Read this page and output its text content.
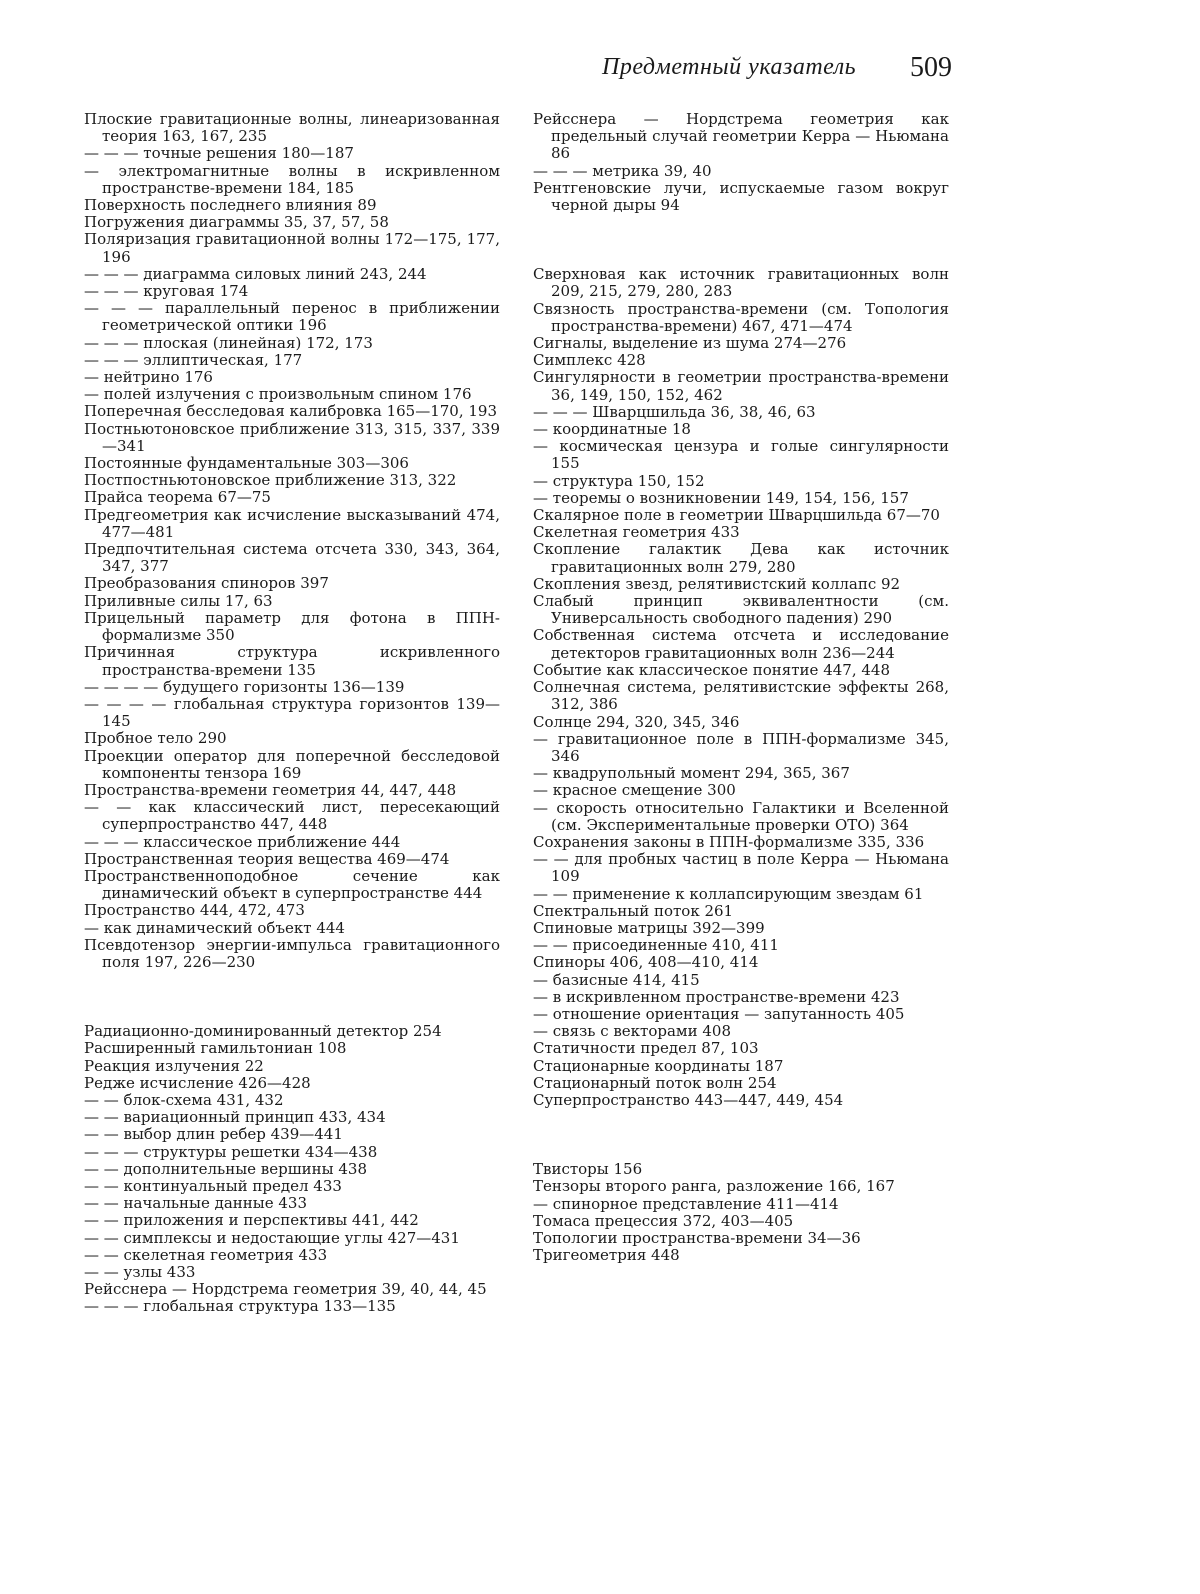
Предметный указатель 509

Плоские гравитационные волны, линеаризованная теория 163, 167, 235

— — — точные решения 180—187

— электромагнитные волны в искривленном пространстве-времени 184, 185

Поверхность последнего влияния 89

Погружения диаграммы 35, 37, 57, 58

Поляризация гравитационной волны 172—175, 177, 196

— — — диаграмма силовых линий 243, 244

— — — круговая 174

— — — параллельный перенос в приближении геометрической оптики 196

— — — плоская (линейная) 172, 173

— — — эллиптическая, 177

— нейтрино 176

— полей излучения с произвольным спином 176

Поперечная бесследовая калибровка 165—170, 193

Постньютоновское приближение 313, 315, 337, 339—341

Постоянные фундаментальные 303—306

Постпостньютоновское приближение 313, 322

Прайса теорема 67—75

Предгеометрия как исчисление высказываний 474, 477—481

Предпочтительная система отсчета 330, 343, 364, 347, 377

Преобразования спиноров 397

Приливные силы 17, 63

Прицельный параметр для фотона в ППН-формализме 350

Причинная структура искривленного пространства-времени 135

— — — — будущего горизонты 136—139

— — — — глобальная структура горизонтов 139—145

Пробное тело 290

Проекции оператор для поперечной бесследовой компоненты тензора 169

Пространства-времени геометрия 44, 447, 448

— — как классический лист, пересекающий суперпространство 447, 448

— — — классическое приближение 444

Пространственная теория вещества 469—474

Пространственноподобное сечение как динамический объект в суперпространстве 444

Пространство 444, 472, 473

— как динамический объект 444

Псевдотензор энергии-импульса гравитационного поля 197, 226—230

Радиационно-доминированный детектор 254

Расширенный гамильтониан 108

Реакция излучения 22

Редже исчисление 426—428

— — блок-схема 431, 432

— — вариационный принцип 433, 434

— — выбор длин ребер 439—441

— — — структуры решетки 434—438

— — дополнительные вершины 438

— — континуальный предел 433

— — начальные данные 433

— — приложения и перспективы 441, 442

— — симплексы и недостающие углы 427—431

— — скелетная геометрия 433

— — узлы 433

Рейсснера — Нордстрема геометрия 39, 40, 44, 45

— — — глобальная структура 133—135

Рейсснера — Нордстрема геометрия как предельный случай геометрии Керра — Ньюмана 86

— — — метрика 39, 40

Рентгеновские лучи, испускаемые газом вокруг черной дыры 94

Сверхновая как источник гравитационных волн 209, 215, 279, 280, 283

Связность пространства-времени (см. Топология пространства-времени) 467, 471—474

Сигналы, выделение из шума 274—276

Симплекс 428

Сингулярности в геометрии пространства-времени 36, 149, 150, 152, 462

— — — Шварцшильда 36, 38, 46, 63

— координатные 18

— космическая цензура и голые сингулярности 155

— структура 150, 152

— теоремы о возникновении 149, 154, 156, 157

Скалярное поле в геометрии Шварцшильда 67—70

Скелетная геометрия 433

Скопление галактик Дева как источник гравитационных волн 279, 280

Скопления звезд, релятивистский коллапс 92

Слабый принцип эквивалентности (см. Универсальность свободного падения) 290

Собственная система отсчета и исследование детекторов гравитационных волн 236—244

Событие как классическое понятие 447, 448

Солнечная система, релятивистские эффекты 268, 312, 386

Солнце 294, 320, 345, 346

— гравитационное поле в ППН-формализме 345, 346

— квадрупольный момент 294, 365, 367

— красное смещение 300

— скорость относительно Галактики и Вселенной (см. Экспериментальные проверки ОТО) 364

Сохранения законы в ППН-формализме 335, 336

— — для пробных частиц в поле Керра — Ньюмана 109

— — применение к коллапсирующим звездам 61

Спектральный поток 261

Спиновые матрицы 392—399

— — присоединенные 410, 411

Спиноры 406, 408—410, 414

— базисные 414, 415

— в искривленном пространстве-времени 423

— отношение ориентация — запутанность 405

— связь с векторами 408

Статичности предел 87, 103

Стационарные координаты 187

Стационарный поток волн 254

Суперпространство 443—447, 449, 454

Твисторы 156

Тензоры второго ранга, разложение 166, 167

— спинорное представление 411—414

Томаса прецессия 372, 403—405

Топологии пространства-времени 34—36

Тригеометрия 448
